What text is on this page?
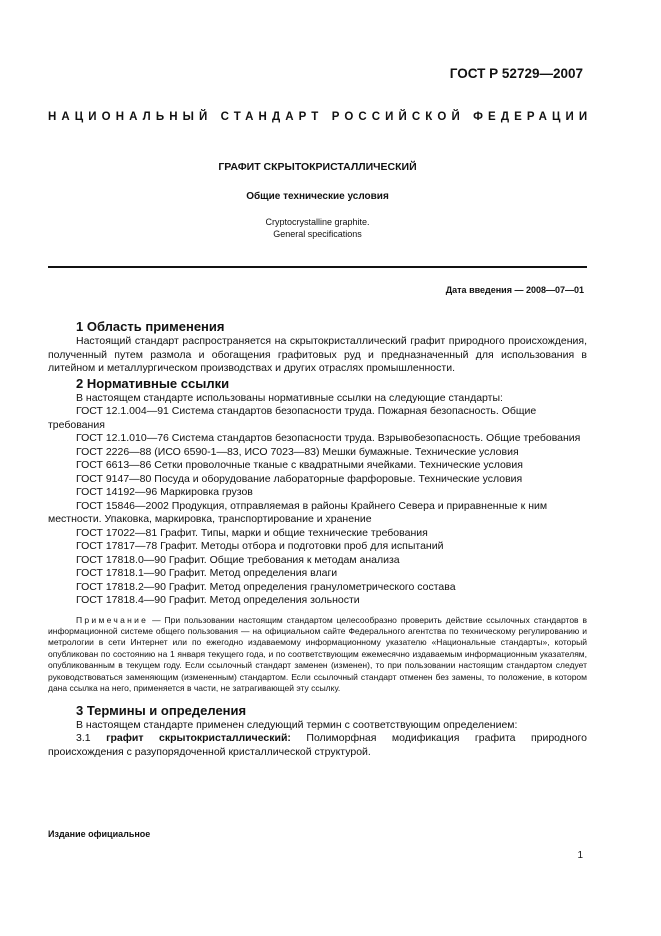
ГОСТ Р 52729—2007
НАЦИОНАЛЬНЫЙ СТАНДАРТ РОССИЙСКОЙ ФЕДЕРАЦИИ
ГРАФИТ СКРЫТОКРИСТАЛЛИЧЕСКИЙ
Общие технические условия
Cryptocrystalline graphite.
General specifications
Дата введения — 2008—07—01
1 Область применения

Настоящий стандарт распространяется на скрытокристаллический графит природного происхождения, полученный путем размола и обогащения графитовых руд и предназначенный для использования в литейном и металлургическом производствах и других отраслях промышленности.

2 Нормативные ссылки

В настоящем стандарте использованы нормативные ссылки на следующие стандарты:

ГОСТ 12.1.004—91 Система стандартов безопасности труда. Пожарная безопасность. Общие требования

ГОСТ 12.1.010—76 Система стандартов безопасности труда. Взрывобезопасность. Общие требования

ГОСТ 2226—88 (ИСО 6590-1—83, ИСО 7023—83) Мешки бумажные. Технические условия

ГОСТ 6613—86 Сетки проволочные тканые с квадратными ячейками. Технические условия

ГОСТ 9147—80 Посуда и оборудование лабораторные фарфоровые. Технические условия

ГОСТ 14192—96 Маркировка грузов

ГОСТ 15846—2002 Продукция, отправляемая в районы Крайнего Севера и приравненные к ним местности. Упаковка, маркировка, транспортирование и хранение

ГОСТ 17022—81 Графит. Типы, марки и общие технические требования

ГОСТ 17817—78 Графит. Методы отбора и подготовки проб для испытаний

ГОСТ 17818.0—90 Графит. Общие требования к методам анализа

ГОСТ 17818.1—90 Графит. Метод определения влаги

ГОСТ 17818.2—90 Графит. Метод определения гранулометрического состава

ГОСТ 17818.4—90 Графит. Метод определения зольности

Примечание — При пользовании настоящим стандартом целесообразно проверить действие ссылочных стандартов в информационной системе общего пользования — на официальном сайте Федерального агентства по техническому регулированию и метрологии в сети Интернет или по ежегодно издаваемому информационному указателю «Национальные стандарты», который опубликован по состоянию на 1 января текущего года, и по соответствующим ежемесячно издаваемым информационным указателям, опубликованным в текущем году. Если ссылочный стандарт заменен (изменен), то при пользовании настоящим стандартом следует руководствоваться заменяющим (измененным) стандартом. Если ссылочный стандарт отменен без замены, то положение, в котором дана ссылка на него, применяется в части, не затрагивающей эту ссылку.

3 Термины и определения

В настоящем стандарте применен следующий термин с соответствующим определением:

3.1 графит скрытокристаллический: Полиморфная модификация графита природного происхождения с разупорядоченной кристаллической структурой.

Издание официальное
1
